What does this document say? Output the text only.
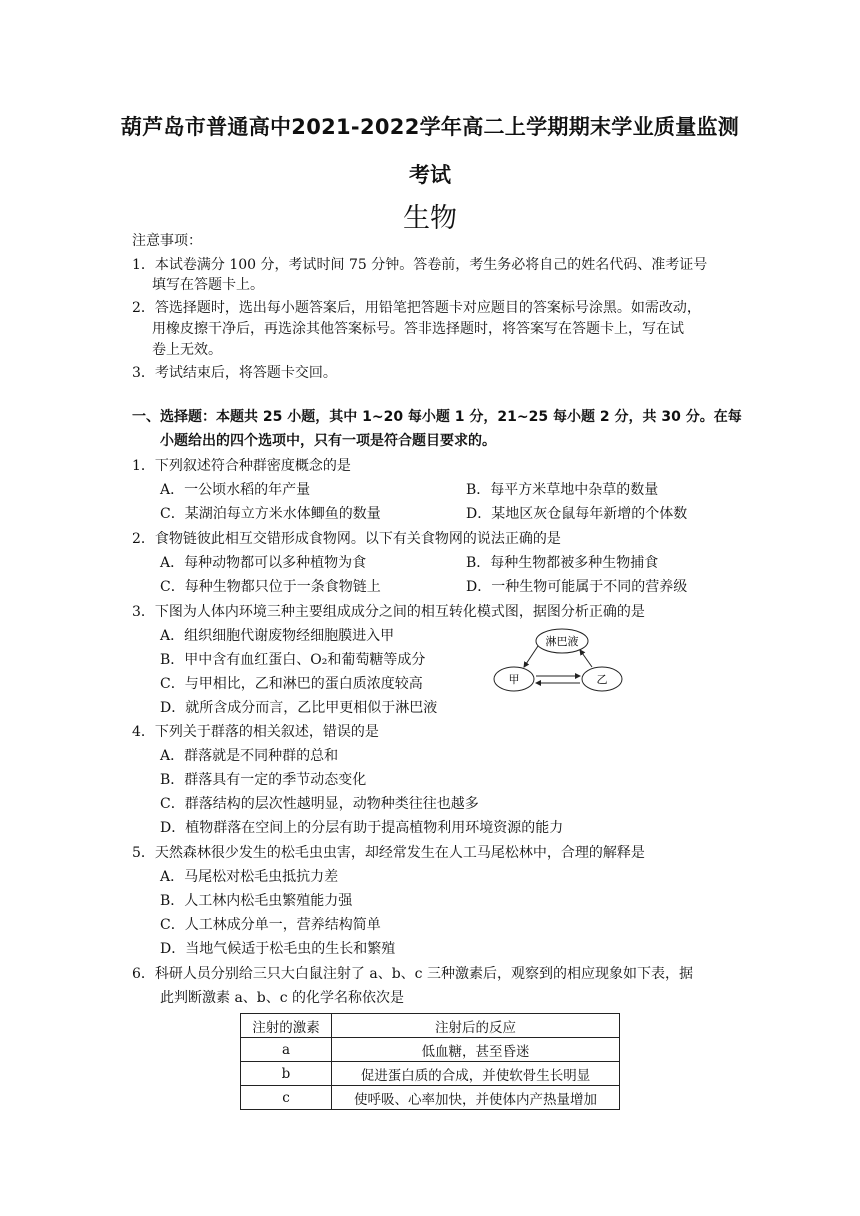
葫芦岛市普通高中2021-2022学年高二上学期期末学业质量监测
考试
生物
注意事项：
1．本试卷满分 100 分，考试时间 75 分钟。答卷前，考生务必将自己的姓名代码、准考证号
填写在答题卡上。
2．答选择题时，选出每小题答案后，用铅笔把答题卡对应题目的答案标号涂黑。如需改动，
用橡皮擦干净后，再选涂其他答案标号。答非选择题时，将答案写在答题卡上，写在试
卷上无效。
3．考试结束后，将答题卡交回。
一、选择题：本题共 25 小题，其中 1~20 每小题 1 分，21~25 每小题 2 分，共 30 分。在每
小题给出的四个选项中，只有一项是符合题目要求的。
1．下列叙述符合种群密度概念的是
A．一公顷水稻的年产量	B．每平方米草地中杂草的数量
C．某湖泊每立方米水体鲫鱼的数量	D．某地区灰仓鼠每年新增的个体数
2．食物链彼此相互交错形成食物网。以下有关食物网的说法正确的是
A．每种动物都可以多种植物为食	B．每种生物都被多种生物捕食
C．每种生物都只位于一条食物链上	D．一种生物可能属于不同的营养级
3．下图为人体内环境三种主要组成成分之间的相互转化模式图，据图分析正确的是
A．组织细胞代谢废物经细胞膜进入甲
B．甲中含有血红蛋白、O₂和葡萄糖等成分
C．与甲相比，乙和淋巴的蛋白质浓度较高
D．就所含成分而言，乙比甲更相似于淋巴液
淋巴液
甲	乙
4．下列关于群落的相关叙述，错误的是
A．群落就是不同种群的总和
B．群落具有一定的季节动态变化
C．群落结构的层次性越明显，动物种类往往也越多
D．植物群落在空间上的分层有助于提高植物利用环境资源的能力
5．天然森林很少发生的松毛虫虫害，却经常发生在人工马尾松林中，合理的解释是
A．马尾松对松毛虫抵抗力差
B．人工林内松毛虫繁殖能力强
C．人工林成分单一，营养结构简单
D．当地气候适于松毛虫的生长和繁殖
6．科研人员分别给三只大白鼠注射了 a、b、c 三种激素后，观察到的相应现象如下表，据
此判断激素 a、b、c 的化学名称依次是
注射的激素	注射后的反应
a	低血糖，甚至昏迷
b	促进蛋白质的合成，并使软骨生长明显
c	使呼吸、心率加快，并使体内产热量增加
